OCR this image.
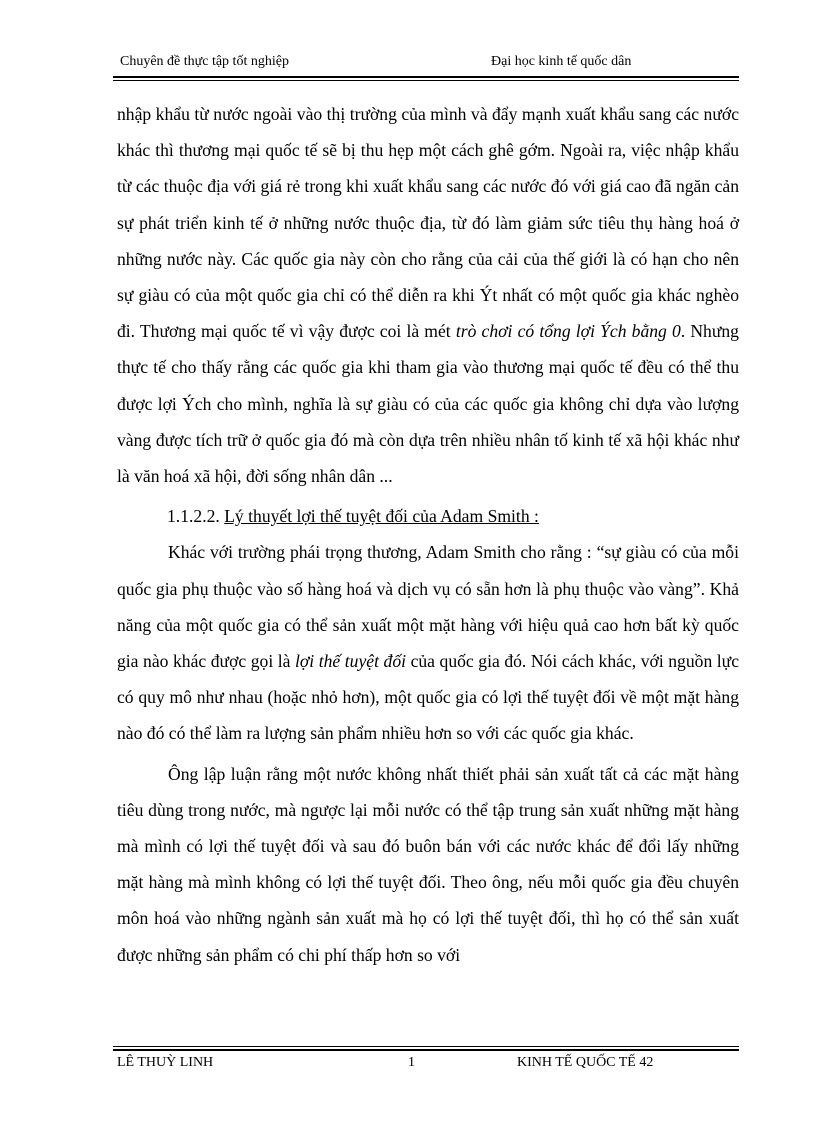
Chuyên đề thực tập tốt nghiệp	Đại học kinh tế quốc dân

nhập khẩu từ nước ngoài vào thị trường của mình và đẩy mạnh xuất khẩu sang các nước khác thì thương mại quốc tế sẽ bị thu hẹp một cách ghê gớm. Ngoài ra, việc nhập khẩu từ các thuộc địa với giá rẻ trong khi xuất khẩu sang các nước đó với giá cao đã ngăn cản sự phát triển kinh tế ở những nước thuộc địa, từ đó làm giảm sức tiêu thụ hàng hoá ở những nước này. Các quốc gia này còn cho rằng của cải của thế giới là có hạn cho nên sự giàu có của một quốc gia chỉ có thể diễn ra khi Ýt nhất có một quốc gia khác nghèo đi. Thương mại quốc tế vì vậy được coi là mét trò chơi có tổng lợi Ých bằng 0. Nhưng thực tế cho thấy rằng các quốc gia khi tham gia vào thương mại quốc tế đều có thể thu được lợi Ých cho mình, nghĩa là sự giàu có của các quốc gia không chỉ dựa vào lượng vàng được tích trữ ở quốc gia đó mà còn dựa trên nhiều nhân tố kinh tế xã hội khác như là văn hoá xã hội, đời sống nhân dân ...

1.1.2.2. Lý thuyết lợi thế tuyệt đối của Adam Smith :

Khác với trường phái trọng thương, Adam Smith cho rằng : “sự giàu có của mỗi quốc gia phụ thuộc vào số hàng hoá và dịch vụ có sẵn hơn là phụ thuộc vào vàng”. Khả năng của một quốc gia có thể sản xuất một mặt hàng với hiệu quả cao hơn bất kỳ quốc gia nào khác được gọi là lợi thế tuyệt đối của quốc gia đó. Nói cách khác, với nguồn lực có quy mô như nhau (hoặc nhỏ hơn), một quốc gia có lợi thế tuyệt đối về một mặt hàng nào đó có thể làm ra lượng sản phẩm nhiều hơn so với các quốc gia khác.

Ông lập luận rằng một nước không nhất thiết phải sản xuất tất cả các mặt hàng tiêu dùng trong nước, mà ngược lại mỗi nước có thể tập trung sản xuất những mặt hàng mà mình có lợi thế tuyệt đối và sau đó buôn bán với các nước khác để đổi lấy những mặt hàng mà mình không có lợi thế tuyệt đối. Theo ông, nếu mỗi quốc gia đều chuyên môn hoá vào những ngành sản xuất mà họ có lợi thế tuyệt đối, thì họ có thể sản xuất được những sản phẩm có chi phí thấp hơn so với

LÊ THUỲ LINH	1	KINH TẾ QUỐC TẾ 42
